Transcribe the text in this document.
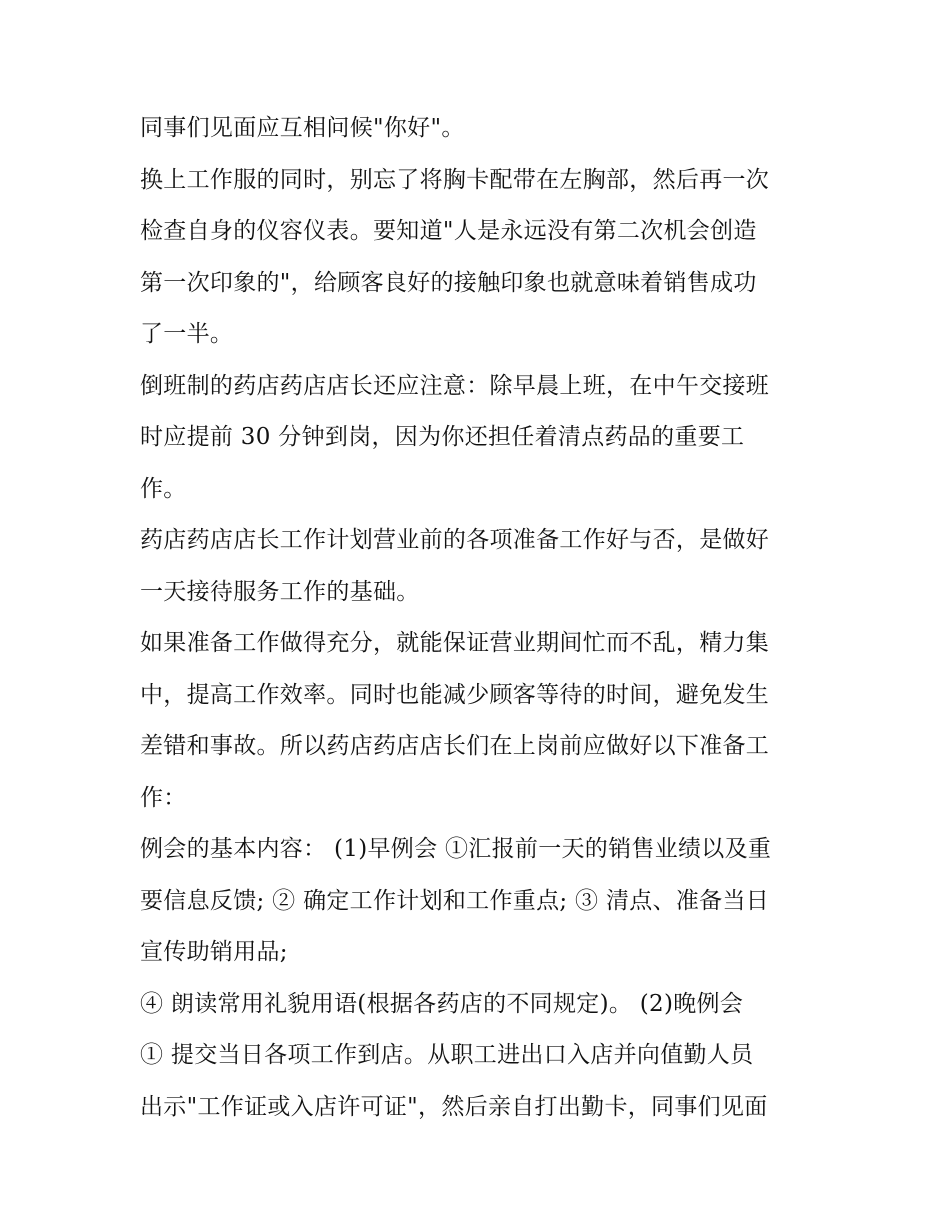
同事们见面应互相问候"你好"。
换上工作服的同时，别忘了将胸卡配带在左胸部，然后再一次
检查自身的仪容仪表。要知道"人是永远没有第二次机会创造
第一次印象的"，给顾客良好的接触印象也就意味着销售成功
了一半。
倒班制的药店药店店长还应注意：除早晨上班，在中午交接班
时应提前 30 分钟到岗，因为你还担任着清点药品的重要工
作。
药店药店店长工作计划营业前的各项准备工作好与否，是做好
一天接待服务工作的基础。
如果准备工作做得充分，就能保证营业期间忙而不乱，精力集
中，提高工作效率。同时也能减少顾客等待的时间，避免发生
差错和事故。所以药店药店店长们在上岗前应做好以下准备工
作：
例会的基本内容： (1)早例会 ①汇报前一天的销售业绩以及重
要信息反馈; ② 确定工作计划和工作重点; ③ 清点、准备当日
宣传助销用品;
④ 朗读常用礼貌用语(根据各药店的不同规定)。 (2)晚例会
① 提交当日各项工作到店。从职工进出口入店并向值勤人员
出示"工作证或入店许可证"，然后亲自打出勤卡，同事们见面
